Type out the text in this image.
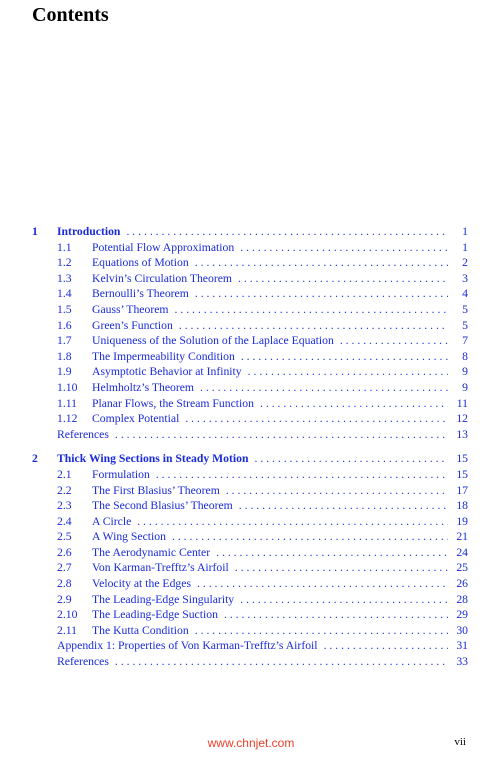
Contents
1 Introduction . . .	1
1.1 Potential Flow Approximation . . .	1
1.2 Equations of Motion . . .	2
1.3 Kelvin’s Circulation Theorem . . .	3
1.4 Bernoulli’s Theorem . . .	4
1.5 Gauss’ Theorem . . .	5
1.6 Green’s Function . . .	5
1.7 Uniqueness of the Solution of the Laplace Equation . . .	7
1.8 The Impermeability Condition . . .	8
1.9 Asymptotic Behavior at Infinity . . .	9
1.10 Helmholtz’s Theorem . . .	9
1.11 Planar Flows, the Stream Function . . .	11
1.12 Complex Potential . . .	12
References . . .	13
2 Thick Wing Sections in Steady Motion . . .	15
2.1 Formulation . . .	15
2.2 The First Blasius’ Theorem . . .	17
2.3 The Second Blasius’ Theorem . . .	18
2.4 A Circle . . .	19
2.5 A Wing Section . . .	21
2.6 The Aerodynamic Center . . .	24
2.7 Von Karman-Trefftz’s Airfoil . . .	25
2.8 Velocity at the Edges . . .	26
2.9 The Leading-Edge Singularity . . .	28
2.10 The Leading-Edge Suction . . .	29
2.11 The Kutta Condition . . .	30
Appendix 1: Properties of Von Karman-Trefftz’s Airfoil . . .	31
References . . .	33
www.chnjet.com	vii
